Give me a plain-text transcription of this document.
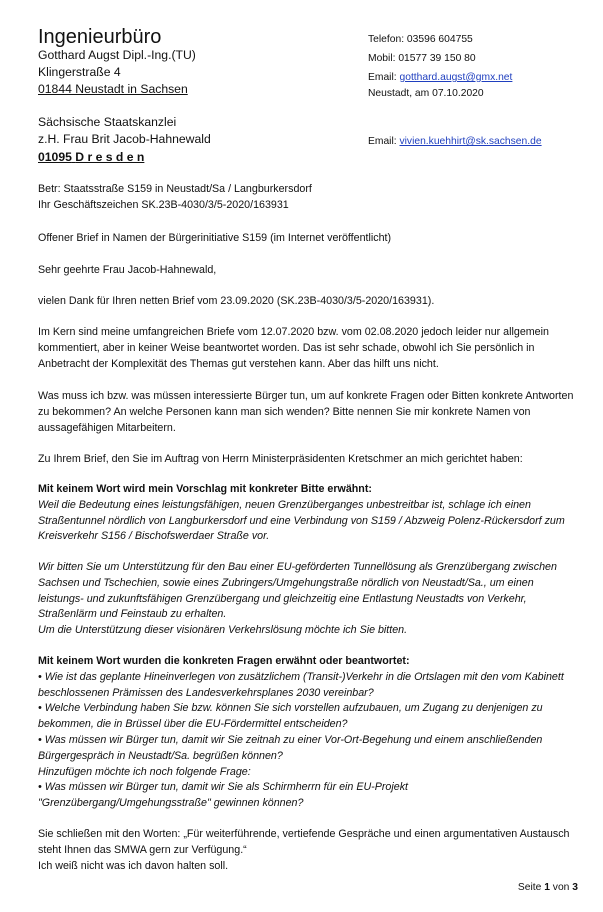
Ingenieurbüro
Gotthard Augst Dipl.-Ing.(TU)
Klingerstraße 4
01844 Neustadt in Sachsen
Telefon: 03596 604755
Mobil: 01577 39 150 80
Email: gotthard.augst@gmx.net
Neustadt, am 07.10.2020
Sächsische Staatskanzlei
z.H. Frau Brit Jacob-Hahnewald
01095 D r e s d e n
Email: vivien.kuehhirt@sk.sachsen.de

Betr: Staatsstraße S159 in Neustadt/Sa / Langburkersdorf

Ihr Geschäftszeichen SK.23B-4030/3/5-2020/163931

Offener Brief in Namen der Bürgerinitiative S159 (im Internet veröffentlicht)

Sehr geehrte Frau Jacob-Hahnewald,

vielen Dank für Ihren netten Brief vom 23.09.2020 (SK.23B-4030/3/5-2020/163931).

Im Kern sind meine umfangreichen Briefe vom 12.07.2020 bzw. vom 02.08.2020 jedoch leider nur allgemein kommentiert, aber in keiner Weise beantwortet worden. Das ist sehr schade, obwohl ich Sie persönlich in Anbetracht der Komplexität des Themas gut verstehen kann. Aber das hilft uns nicht.

Was muss ich bzw. was müssen interessierte Bürger tun, um auf konkrete Fragen oder Bitten konkrete Antworten zu bekommen? An welche Personen kann man sich wenden? Bitte nennen Sie mir konkrete Namen von aussagefähigen Mitarbeitern.

Zu Ihrem Brief, den Sie im Auftrag von Herrn Ministerpräsidenten Kretschmer an mich gerichtet haben:

Mit keinem Wort wird mein Vorschlag mit konkreter Bitte erwähnt:

Weil die Bedeutung eines leistungsfähigen, neuen Grenzüberganges unbestreitbar ist, schlage ich einen Straßentunnel nördlich von Langburkersdorf und eine Verbindung von S159 / Abzweig Polenz-Rückersdorf zum Kreisverkehr S156 / Bischofswerdaer Straße vor.

Wir bitten Sie um Unterstützung für den Bau einer EU-geförderten Tunnellösung als Grenzübergang zwischen Sachsen und Tschechien, sowie eines Zubringers/Umgehungstraße nördlich von Neustadt/Sa., um einen leistungs- und zukunftsfähigen Grenzübergang und gleichzeitig eine Entlastung Neustadts von Verkehr, Straßenlärm und Feinstaub zu erhalten.

Um die Unterstützung dieser visionären Verkehrslösung möchte ich Sie bitten.

Mit keinem Wort wurden die konkreten Fragen erwähnt oder beantwortet:

• Wie ist das geplante Hineinverlegen von zusätzlichem (Transit-)Verkehr in die Ortslagen mit den vom Kabinett beschlossenen Prämissen des Landesverkehrsplanes 2030 vereinbar?

• Welche Verbindung haben Sie bzw. können Sie sich vorstellen aufzubauen, um Zugang zu denjenigen zu bekommen, die in Brüssel über die EU-Fördermittel entscheiden?

• Was müssen wir Bürger tun, damit wir Sie zeitnah zu einer Vor-Ort-Begehung und einem anschließenden Bürgergespräch in Neustadt/Sa. begrüßen können?

Hinzufügen möchte ich noch folgende Frage:

• Was müssen wir Bürger tun, damit wir Sie als Schirmherrn für ein EU-Projekt "Grenzübergang/Umgehungsstraße" gewinnen können?

Sie schließen mit den Worten: „Für weiterführende, vertiefende Gespräche und einen argumentativen Austausch steht Ihnen das SMWA gern zur Verfügung.“

Ich weiß nicht was ich davon halten soll.

Seite 1 von 3
